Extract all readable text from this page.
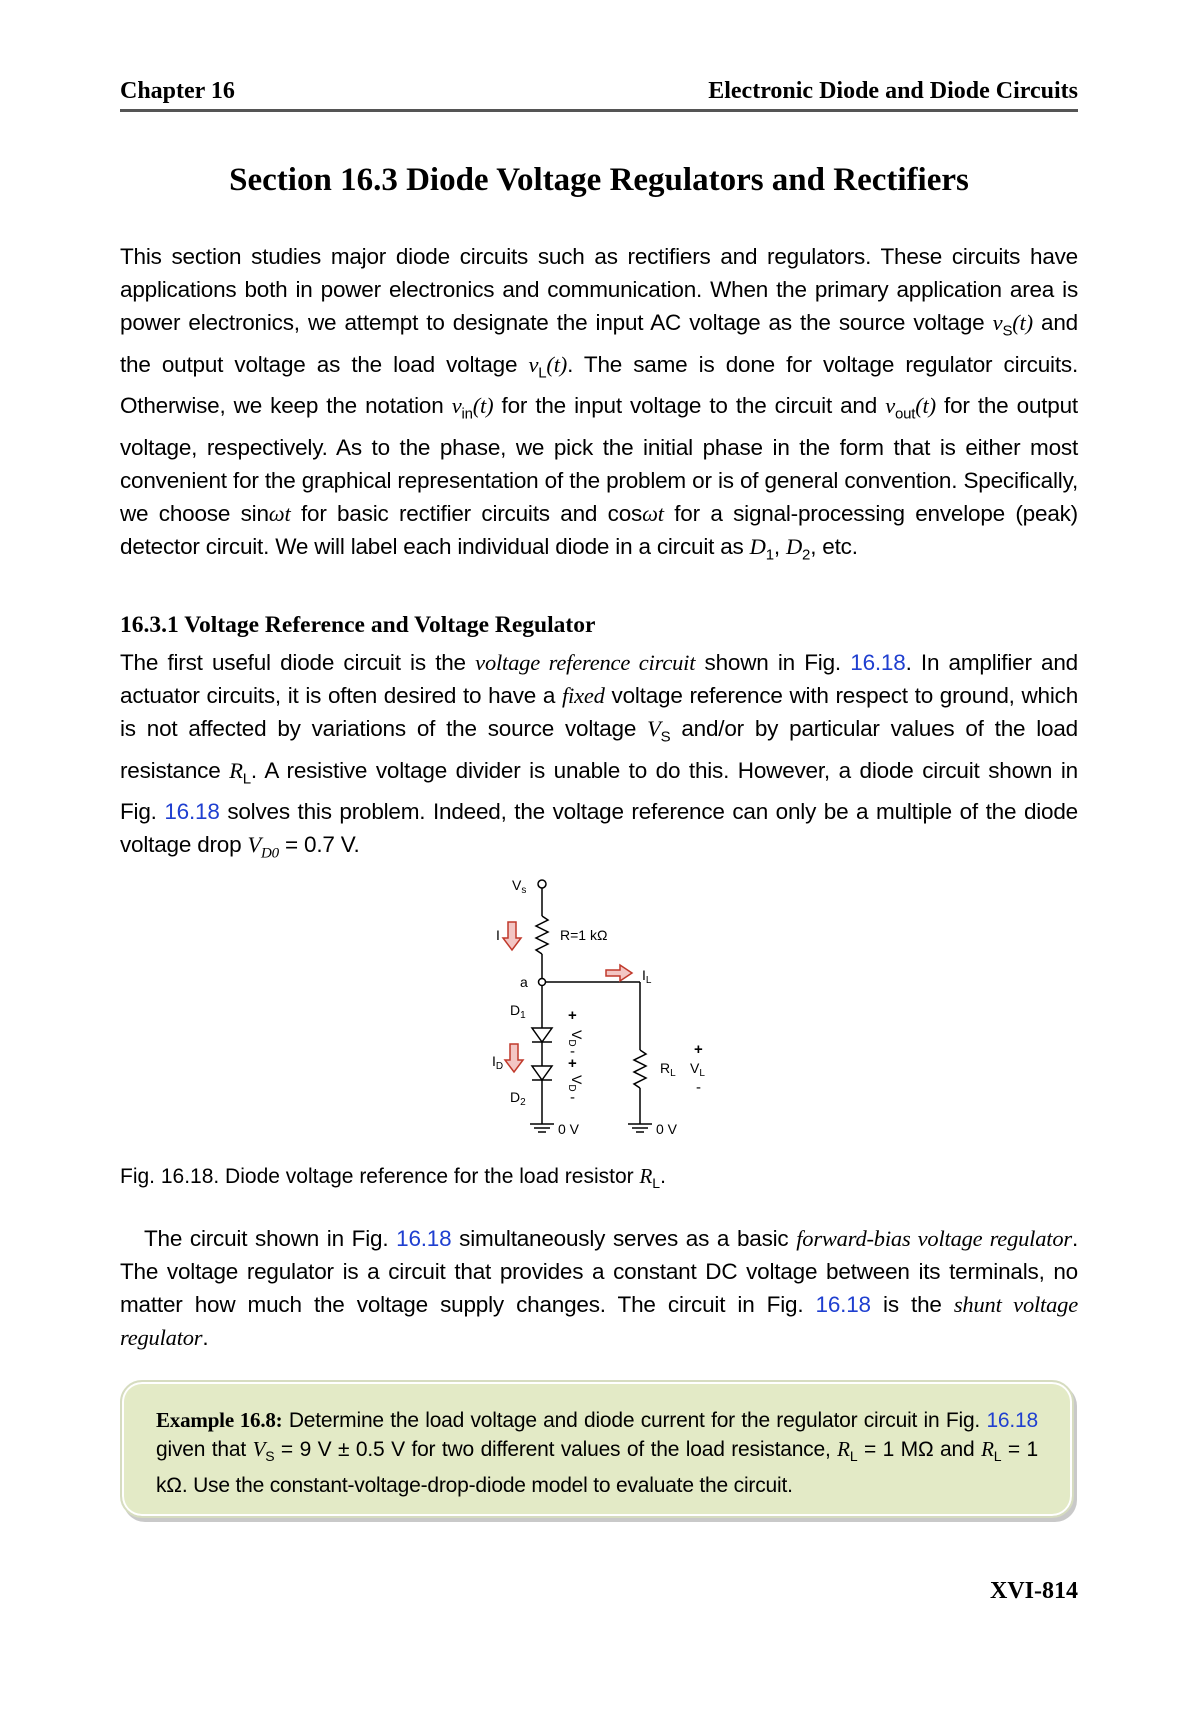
Chapter 16	Electronic Diode and Diode Circuits
Section 16.3 Diode Voltage Regulators and Rectifiers

This section studies major diode circuits such as rectifiers and regulators. These circuits have applications both in power electronics and communication. When the primary application area is power electronics, we attempt to designate the input AC voltage as the source voltage $v_S(t)$ and the output voltage as the load voltage $v_L(t)$. The same is done for voltage regulator circuits. Otherwise, we keep the notation $v_{in}(t)$ for the input voltage to the circuit and $v_{out}(t)$ for the output voltage, respectively. As to the phase, we pick the initial phase in the form that is either most convenient for the graphical representation of the problem or is of general convention. Specifically, we choose sinωt for basic rectifier circuits and cosωt for a signal-processing envelope (peak) detector circuit. We will label each individual diode in a circuit as $D_1$, $D_2$, etc.

16.3.1 Voltage Reference and Voltage Regulator

The first useful diode circuit is the voltage reference circuit shown in Fig. 16.18. In amplifier and actuator circuits, it is often desired to have a fixed voltage reference with respect to ground, which is not affected by variations of the source voltage $V_S$ and/or by particular values of the load resistance $R_L$. A resistive voltage divider is unable to do this. However, a diode circuit shown in Fig. 16.18 solves this problem. Indeed, the voltage reference can only be a multiple of the diode voltage drop $V_{D0} = 0.7$ V.

$V_s$
R=1 kΩ
I
a	$I_L$
$D_1$
$D_2$
$I_D$
+
$V_D$
-
+
$V_D$
-
$R_L$
+
$V_L$
-
0 V	0 V
Fig. 16.18. Diode voltage reference for the load resistor $R_L$.

The circuit shown in Fig. 16.18 simultaneously serves as a basic forward-bias voltage regulator. The voltage regulator is a circuit that provides a constant DC voltage between its terminals, no matter how much the voltage supply changes. The circuit in Fig. 16.18 is the shunt voltage regulator.

Example 16.8: Determine the load voltage and diode current for the regulator circuit in Fig. 16.18 given that $V_S = 9$ V ± 0.5 V for two different values of the load resistance, $R_L = 1$ MΩ and $R_L = 1$ kΩ. Use the constant-voltage-drop-diode model to evaluate the circuit.
XVI-814
